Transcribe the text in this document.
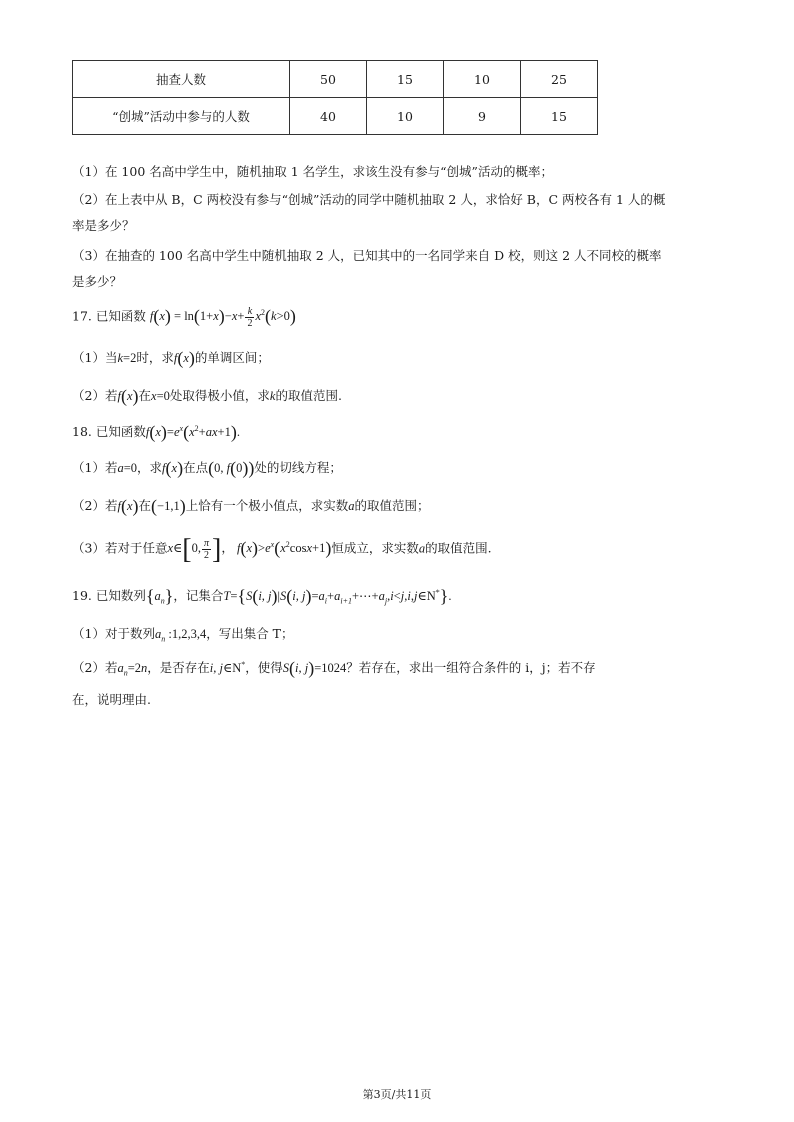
抽查人数	50	15	10	25
“创城”活动中参与的人数	40	10	9	15
（1）在 100 名高中学生中，随机抽取 1 名学生，求该生没有参与“创城”活动的概率；
（2）在上表中从 B，C 两校没有参与“创城”活动的同学中随机抽取 2 人，求恰好 B，C 两校各有 1 人的概
率是多少？
（3）在抽查的 100 名高中学生中随机抽取 2 人，已知其中的一名同学来自 D 校，则这 2 人不同校的概率
是多少？
17. 已知函数 $f(x) = \ln(1+x)-x+ \frac{k}{2} x^2(k>0)$
（1）当k=2时，求f(x)的单调区间；
（2）若f(x)在x=0处取得极小值，求k的取值范围.
18. 已知函数$f(x)=e^x(x^2+ax+1)$.
（1）若a=0，求f(x)在点(0, f(0))处的切线方程；
（2）若f(x)在(−1,1)上恰有一个极小值点，求实数a的取值范围；
（3）若对于任意x∈[0, $\frac{\pi}{2}$ ]， $f(x)>e^x(x^2\cos x+1)$恒成立，求实数a的取值范围.
19. 已知数列$\{a_n\}$，记集合T={S(i, j)|S(i, $j)=a_i+a_{i+1}+\cdots+a_j,i<j,i,j\in N^*$}.
（1）对于数列$a_n$ :1,2,3,4，写出集合 T；
（2）若$a_n=2n$，是否存在i, j∈N*，使得S(i, j)=1024？若存在，求出一组符合条件的 i，j；若不存
在，说明理由.
第3页/共11页
